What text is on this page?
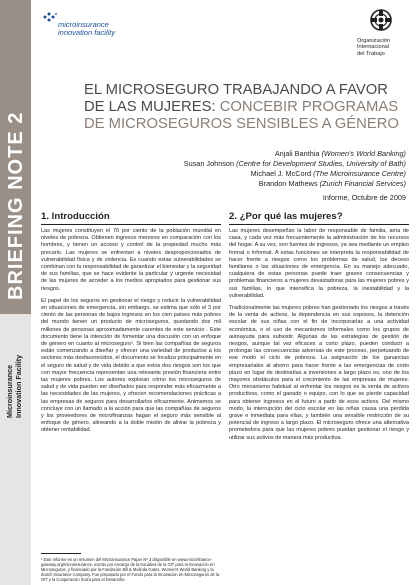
BRIEFING NOTE 2
Microinsurance Innovation Facility
microinsurance
innovation facility
Organización
Internacional
del Trabajo
EL MICROSEGURO TRABAJANDO A FAVOR DE LAS MUJERES: CONCEBIR PROGRAMAS DE MICROSEGUROS SENSIBLES A GÉNERO
Anjali Banthia (Women's World Banking)
Susan Johnson (Centre for Development Studies, University of Bath)
Michael J. McCord (The Microinsurance Centre)
Brandon Mathews (Zurich Financial Services)
Informe, Octubre de 2009
1. Introducción

Las mujeres constituyen el 70 por ciento de la población mundial en niveles de pobreza. Obtienen ingresos menores en comparación con los hombres, y tienen un acceso y control de la propiedad mucho más precario. Las mujeres se enfrentan a niveles desproporcionados de vulnerabilidad física y de violencia. Es cuando estas vulnerabilidades se combinan con la responsabilidad de garantizar el bienestar y la seguridad de sus familias, que se hace evidente la particular y urgente necesidad de las mujeres de acceder a los medios apropiados para gestionar sus riesgos.

El papel de los seguros en gestionar el riesgo y reducir la vulnerabilidad en situaciones de emergencia, sin embargo, se estima que sólo el 3 por ciento de las personas de bajos ingresos en los cien países más pobres del mundo tienen un producto de microseguros, quedando dos mil millones de personas aproximadamente carentes de este servicio . Este documento tiene la intención de fomentar una discusión con un enfoque de género en cuanto al microseguro¹. Si bien las compañías de seguros están comenzando a diseñar y ofrecer una variedad de productos a los sectores más desfavorecidos, el documento se focaliza principalmente en el seguro de salud y de vida debido a que estos dos riesgos son los que con mayor frecuencia representan una relevante presión financiera entre las mujeres pobres. Los autores exploran cómo los microseguros de salud y de vida pueden ser diseñados para responder más eficazmente a las necesidades de las mujeres, y ofrecen recomendaciones prácticas a las empresas de seguros para desarrollarlos eficazmente. Animamos se concluye con un llamado a la acción para que las compañías de seguros y los proveedores de microfinanzas hagan el seguro más sensible al enfoque de género, alineando a la doble misión de aliviar la pobreza y obtener rentabilidad.

2. ¿Por qué las mujeres?

Las mujeres desempeñan la labor de responsable de familia, ama de casa, y cada vez más frecuentemente la administración de los recursos del hogar. A su vez, son fuentes de ingresos, ya sea mediante un empleo formal o informal. A estas funciones se interpreta la responsabilidad de hacer frente a riesgos como los problemas de salud, los deceso familiares o las situaciones de emergencia. En su manejo adecuado, cualquiera de estas personas puede traer graves consecuencias y problemas financieros a mujeres devastadoras para las mujeres pobres y sus familias, lo que intensifica la pobreza, la inestabilidad y la vulnerabilidad.

Tradicionalmente las mujeres pobres han gestionado los riesgos a través de la venta de activos, la dependencia en sus esposos, la detención escolar de sus niñas con el fin de incorporarlas a una actividad económica, o el uso de mecanismos informales como los grupos de autoayuda para subsistir. Algunas de las estrategias de gestión de riesgos, aunque tal vez eficaces a corto plazo, pueden conducir a prolongar las consecuencias adversas de este proceso, perpetuando de ese modo el ciclo de pobreza. La asignación de los ganancias empresariales al ahorro para hacer frente a las emergencias de corto plazo en lugar de destinarlas a inversiones a largo plazo es, uno de los mayores obstáculos para el crecimiento de las empresas de mujeres. Otro mecanismo habitual al enfrentar los riesgos es la venta de activos productivos, como el ganado o equipo, con lo que se pierde capacidad para obtener ingresos en el futuro a partir de esos activos. Del mismo modo, la interrupción del ciclo escolar en las niñas causa una pérdida grave e inmediata para ellas, y también una sensible restricción de su potencial de ingreso a largo plazo. El microseguro ofrece una alternativa prometedora para que las mujeres pobres puedan gestionar el riesgo y utilizar sus activos de manera más productiva.

¹ Este informe es un resumen del Microinsurance Paper Nº 3 disponible en www.microfinance-gateway.org/microinsurance, escrito por encargo de la Iniciativa de la OIT para la Innovación en Microseguros, y financiado por la Fundación Bill & Melinda Gates, Women's World Banking y la Zurich Insurance Company. Fue preparado por el Fondo para la Innovación en Microseguros de la OIT y la Cooperación Suiza para el Desarrollo.
